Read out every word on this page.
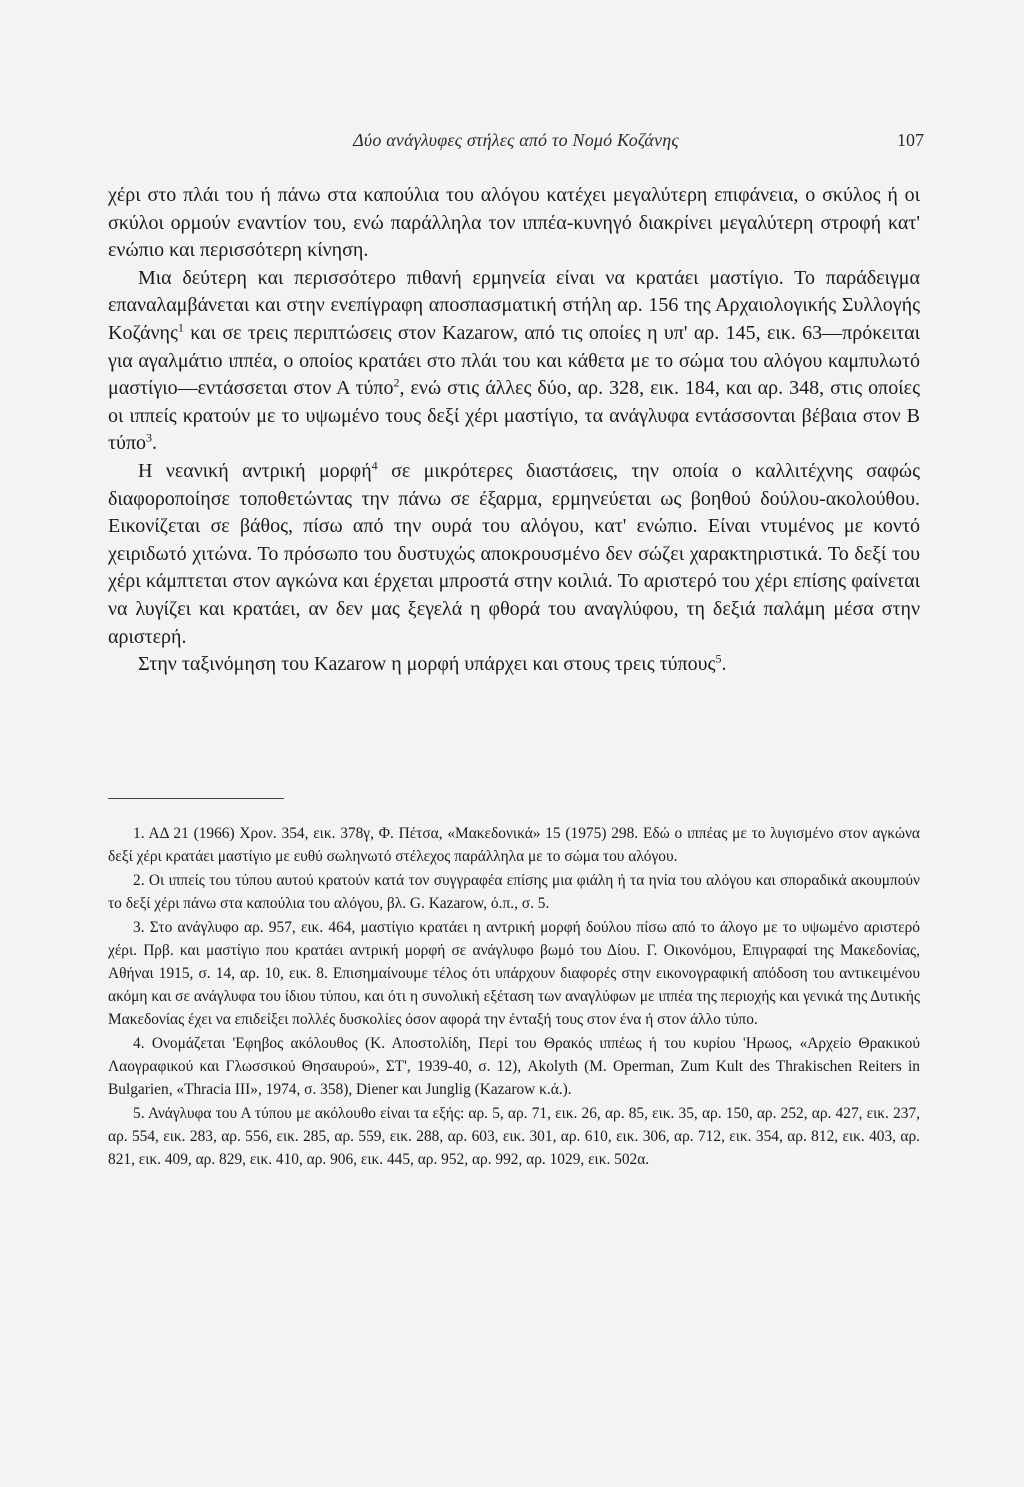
Δύο ανάγλυφες στήλες από το Νομό Κοζάνης	107

χέρι στο πλάι του ή πάνω στα καπούλια του αλόγου κατέχει μεγαλύτερη επιφάνεια, ο σκύλος ή οι σκύλοι ορμούν εναντίον του, ενώ παράλληλα τον ιππέα-κυνηγό διακρίνει μεγαλύτερη στροφή κατ' ενώπιο και περισσότερη κίνηση.

Μια δεύτερη και περισσότερο πιθανή ερμηνεία είναι να κρατάει μαστίγιο. Το παράδειγμα επαναλαμβάνεται και στην ενεπίγραφη αποσπασματική στήλη αρ. 156 της Αρχαιολογικής Συλλογής Κοζάνης$^1$ και σε τρεις περιπτώσεις στον Kazarow, από τις οποίες η υπ' αρ. 145, εικ. 63—πρόκειται για αγαλμάτιο ιππέα, ο οποίος κρατάει στο πλάι του και κάθετα με το σώμα του αλόγου καμπυλωτό μαστίγιο—εντάσσεται στον Α τύπο$^2$, ενώ στις άλλες δύο, αρ. 328, εικ. 184, και αρ. 348, στις οποίες οι ιππείς κρατούν με το υψωμένο τους δεξί χέρι μαστίγιο, τα ανάγλυφα εντάσσονται βέβαια στον Β τύπο$^3$.

Η νεανική αντρική μορφή$^4$ σε μικρότερες διαστάσεις, την οποία ο καλλιτέχνης σαφώς διαφοροποίησε τοποθετώντας την πάνω σε έξαρμα, ερμηνεύεται ως βοηθού δούλου-ακολούθου. Εικονίζεται σε βάθος, πίσω από την ουρά του αλόγου, κατ' ενώπιο. Είναι ντυμένος με κοντό χειριδωτό χιτώνα. Το πρόσωπο του δυστυχώς αποκρουσμένο δεν σώζει χαρακτηριστικά. Το δεξί του χέρι κάμπτεται στον αγκώνα και έρχεται μπροστά στην κοιλιά. Το αριστερό του χέρι επίσης φαίνεται να λυγίζει και κρατάει, αν δεν μας ξεγελά η φθορά του αναγλύφου, τη δεξιά παλάμη μέσα στην αριστερή.

Στην ταξινόμηση του Kazarow η μορφή υπάρχει και στους τρεις τύπους$^5$.

1. ΑΔ 21 (1966) Χρον. 354, εικ. 378γ, Φ. Πέτσα, «Μακεδονικά» 15 (1975) 298. Εδώ ο ιππέας με το λυγισμένο στον αγκώνα δεξί χέρι κρατάει μαστίγιο με ευθύ σωληνωτό στέλεχος παράλληλα με το σώμα του αλόγου.

2. Οι ιππείς του τύπου αυτού κρατούν κατά τον συγγραφέα επίσης μια φιάλη ή τα ηνία του αλόγου και σποραδικά ακουμπούν το δεξί χέρι πάνω στα καπούλια του αλόγου, βλ. G. Kazarow, ό.π., σ. 5.

3. Στο ανάγλυφο αρ. 957, εικ. 464, μαστίγιο κρατάει η αντρική μορφή δούλου πίσω από το άλογο με το υψωμένο αριστερό χέρι. Πρβ. και μαστίγιο που κρατάει αντρική μορφή σε ανάγλυφο βωμό του Δίου. Γ. Οικονόμου, Επιγραφαί της Μακεδονίας, Αθήναι 1915, σ. 14, αρ. 10, εικ. 8. Επισημαίνουμε τέλος ότι υπάρχουν διαφορές στην εικονογραφική απόδοση του αντικειμένου ακόμη και σε ανάγλυφα του ίδιου τύπου, και ότι η συνολική εξέταση των αναγλύφων με ιππέα της περιοχής και γενικά της Δυτικής Μακεδονίας έχει να επιδείξει πολλές δυσκολίες όσον αφορά την ένταξή τους στον ένα ή στον άλλο τύπο.

4. Ονομάζεται 'Εφηβος ακόλουθος (Κ. Αποστολίδη, Περί του Θρακός ιππέως ή του κυρίου 'Ηρωος, «Αρχείο Θρακικού Λαογραφικού και Γλωσσικού Θησαυρού», ΣΤ', 1939-40, σ. 12), Akolyth (M. Operman, Zum Kult des Thrakischen Reiters in Bulgarien, «Thracia III», 1974, σ. 358), Diener και Junglig (Kazarow κ.ά.).

5. Ανάγλυφα του Α τύπου με ακόλουθο είναι τα εξής: αρ. 5, αρ. 71, εικ. 26, αρ. 85, εικ. 35, αρ. 150, αρ. 252, αρ. 427, εικ. 237, αρ. 554, εικ. 283, αρ. 556, εικ. 285, αρ. 559, εικ. 288, αρ. 603, εικ. 301, αρ. 610, εικ. 306, αρ. 712, εικ. 354, αρ. 812, εικ. 403, αρ. 821, εικ. 409, αρ. 829, εικ. 410, αρ. 906, εικ. 445, αρ. 952, αρ. 992, αρ. 1029, εικ. 502α.
